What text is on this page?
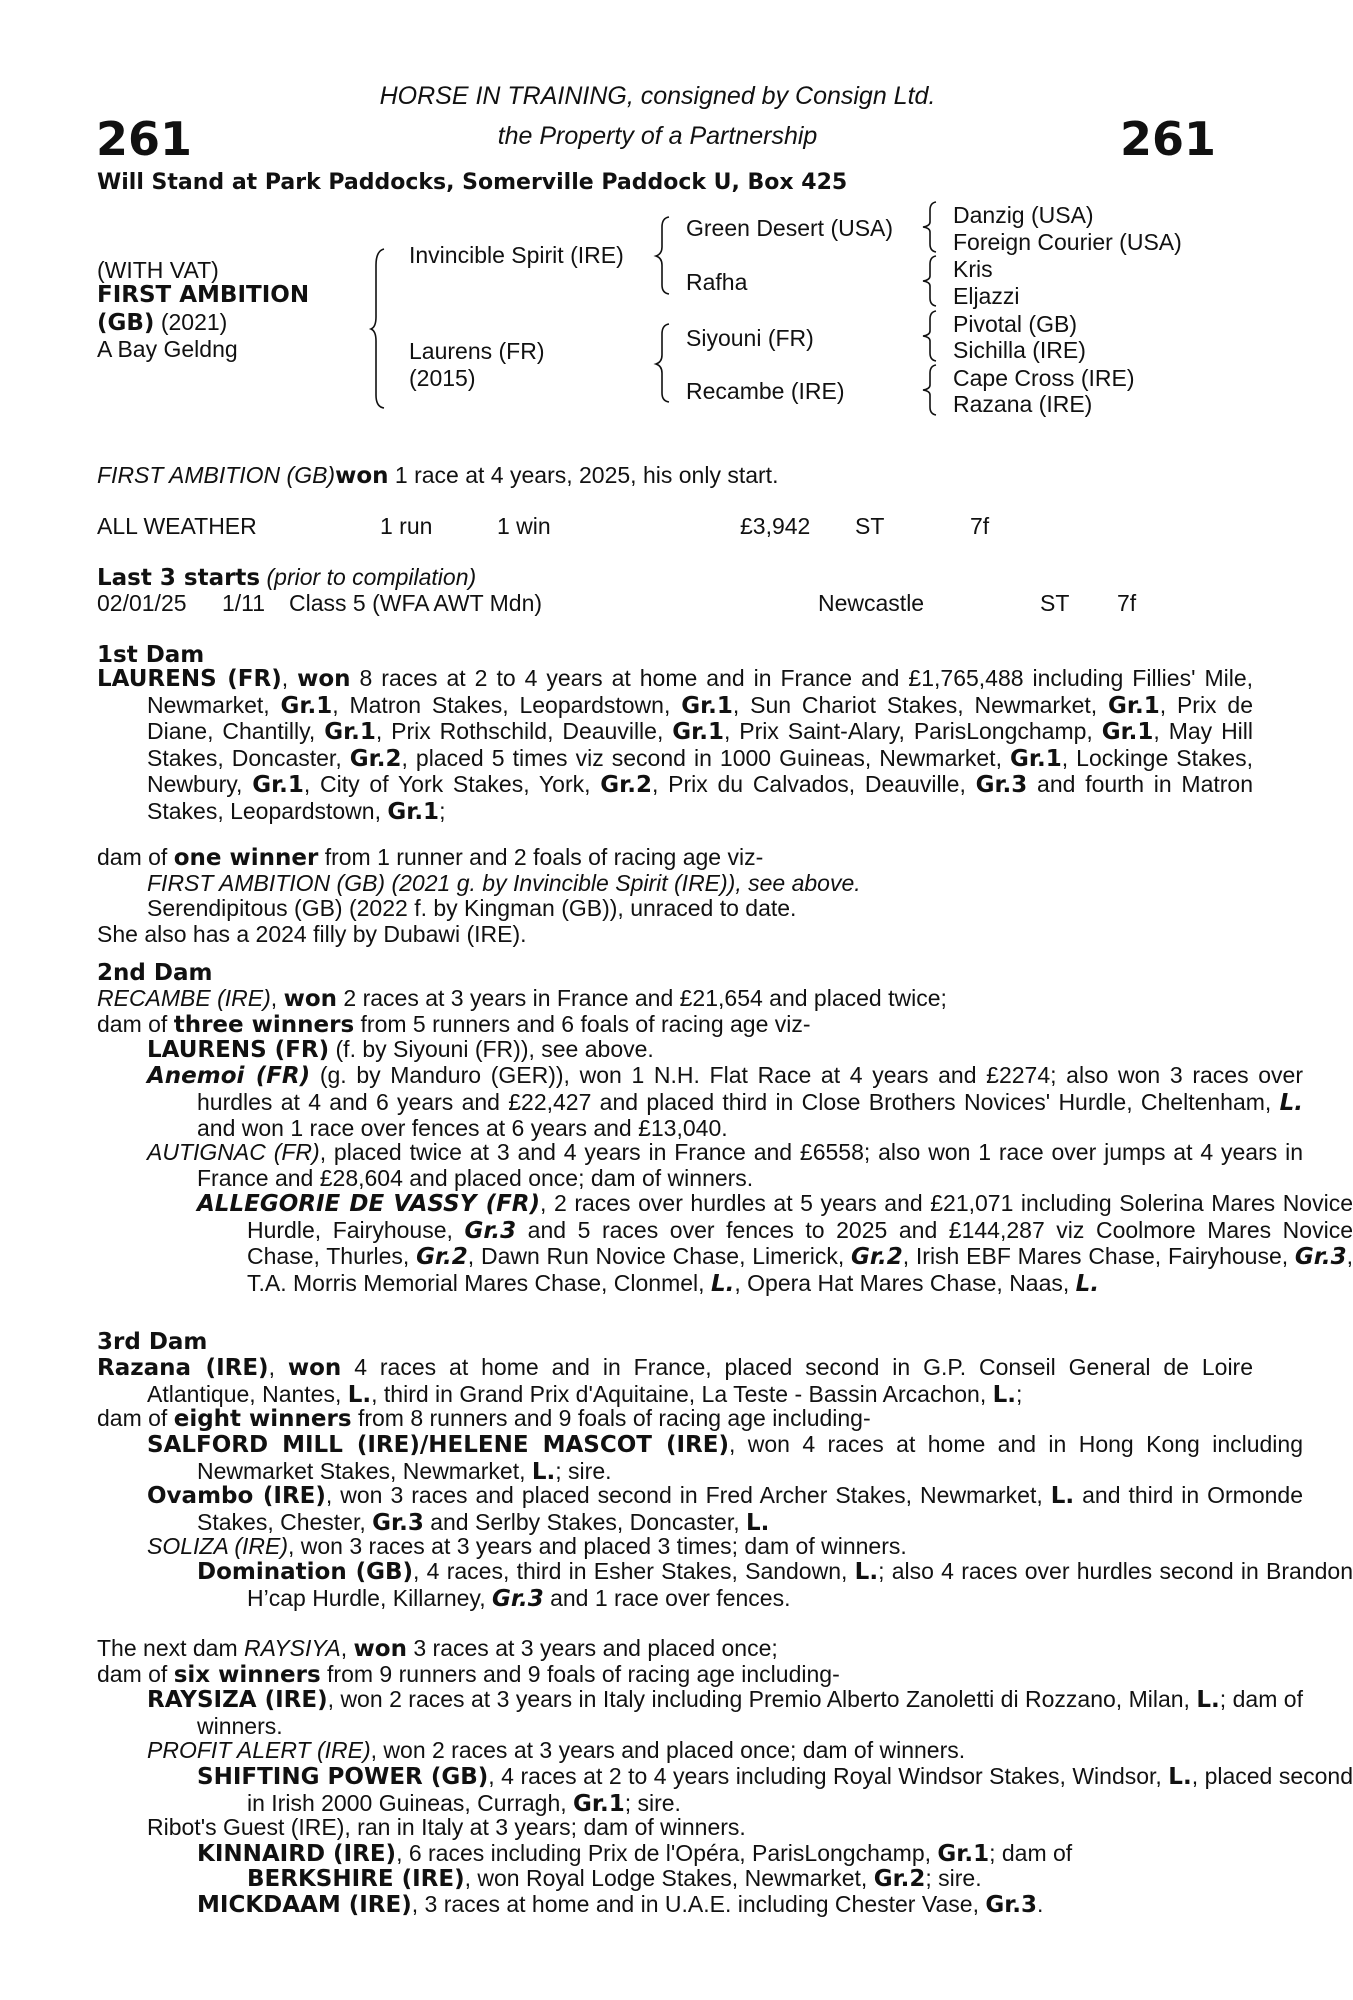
261	261
HORSE IN TRAINING, consigned by Consign Ltd.
the Property of a Partnership
Will Stand at Park Paddocks, Somerville Paddock U, Box 425
(WITH VAT)
FIRST AMBITION
(GB) (2021)
A Bay Geldng
Invincible Spirit (IRE)
Laurens (FR)
(2015)
Green Desert (USA)
Rafha
Siyouni (FR)
Recambe (IRE)
Danzig (USA)
Foreign Courier (USA)
Kris
Eljazzi
Pivotal (GB)
Sichilla (IRE)
Cape Cross (IRE)
Razana (IRE)
FIRST AMBITION (GB)won 1 race at 4 years, 2025, his only start.
ALL WEATHER	1 run	1 win	£3,942 ST	7f
Last 3 starts (prior to compilation)
02/01/25 1/11 Class 5 (WFA AWT Mdn)	Newcastle	ST 7f
1st Dam
LAURENS (FR), won 8 races at 2 to 4 years at home and in France and £1,765,488 including Fillies' Mile, Newmarket, Gr.1, Matron Stakes, Leopardstown, Gr.1, Sun Chariot Stakes, Newmarket, Gr.1, Prix de Diane, Chantilly, Gr.1, Prix Rothschild, Deauville, Gr.1, Prix Saint-Alary, ParisLongchamp, Gr.1, May Hill Stakes, Doncaster, Gr.2, placed 5 times viz second in 1000 Guineas, Newmarket, Gr.1, Lockinge Stakes, Newbury, Gr.1, City of York Stakes, York, Gr.2, Prix du Calvados, Deauville, Gr.3 and fourth in Matron Stakes, Leopardstown, Gr.1;
dam of one winner from 1 runner and 2 foals of racing age viz-
FIRST AMBITION (GB) (2021 g. by Invincible Spirit (IRE)), see above.
Serendipitous (GB) (2022 f. by Kingman (GB)), unraced to date.
She also has a 2024 filly by Dubawi (IRE).
2nd Dam
RECAMBE (IRE), won 2 races at 3 years in France and £21,654 and placed twice;
dam of three winners from 5 runners and 6 foals of racing age viz-
LAURENS (FR) (f. by Siyouni (FR)), see above.
Anemoi (FR) (g. by Manduro (GER)), won 1 N.H. Flat Race at 4 years and £2274; also won 3 races over hurdles at 4 and 6 years and £22,427 and placed third in Close Brothers Novices' Hurdle, Cheltenham, L. and won 1 race over fences at 6 years and £13,040.
AUTIGNAC (FR), placed twice at 3 and 4 years in France and £6558; also won 1 race over jumps at 4 years in France and £28,604 and placed once; dam of winners.
ALLEGORIE DE VASSY (FR), 2 races over hurdles at 5 years and £21,071 including Solerina Mares Novice Hurdle, Fairyhouse, Gr.3 and 5 races over fences to 2025 and £144,287 viz Coolmore Mares Novice Chase, Thurles, Gr.2, Dawn Run Novice Chase, Limerick, Gr.2, Irish EBF Mares Chase, Fairyhouse, Gr.3, T.A. Morris Memorial Mares Chase, Clonmel, L., Opera Hat Mares Chase, Naas, L.
3rd Dam
Razana (IRE), won 4 races at home and in France, placed second in G.P. Conseil General de Loire Atlantique, Nantes, L., third in Grand Prix d'Aquitaine, La Teste - Bassin Arcachon, L.;
dam of eight winners from 8 runners and 9 foals of racing age including-
SALFORD MILL (IRE)/HELENE MASCOT (IRE), won 4 races at home and in Hong Kong including Newmarket Stakes, Newmarket, L.; sire.
Ovambo (IRE), won 3 races and placed second in Fred Archer Stakes, Newmarket, L. and third in Ormonde Stakes, Chester, Gr.3 and Serlby Stakes, Doncaster, L.
SOLIZA (IRE), won 3 races at 3 years and placed 3 times; dam of winners.
Domination (GB), 4 races, third in Esher Stakes, Sandown, L.; also 4 races over hurdles second in Brandon H’cap Hurdle, Killarney, Gr.3 and 1 race over fences.
The next dam RAYSIYA, won 3 races at 3 years and placed once;
dam of six winners from 9 runners and 9 foals of racing age including-
RAYSIZA (IRE), won 2 races at 3 years in Italy including Premio Alberto Zanoletti di Rozzano, Milan, L.; dam of winners.
PROFIT ALERT (IRE), won 2 races at 3 years and placed once; dam of winners.
SHIFTING POWER (GB), 4 races at 2 to 4 years including Royal Windsor Stakes, Windsor, L., placed second in Irish 2000 Guineas, Curragh, Gr.1; sire.
Ribot's Guest (IRE), ran in Italy at 3 years; dam of winners.
KINNAIRD (IRE), 6 races including Prix de l'Opéra, ParisLongchamp, Gr.1; dam of
BERKSHIRE (IRE), won Royal Lodge Stakes, Newmarket, Gr.2; sire.
MICKDAAM (IRE), 3 races at home and in U.A.E. including Chester Vase, Gr.3.
